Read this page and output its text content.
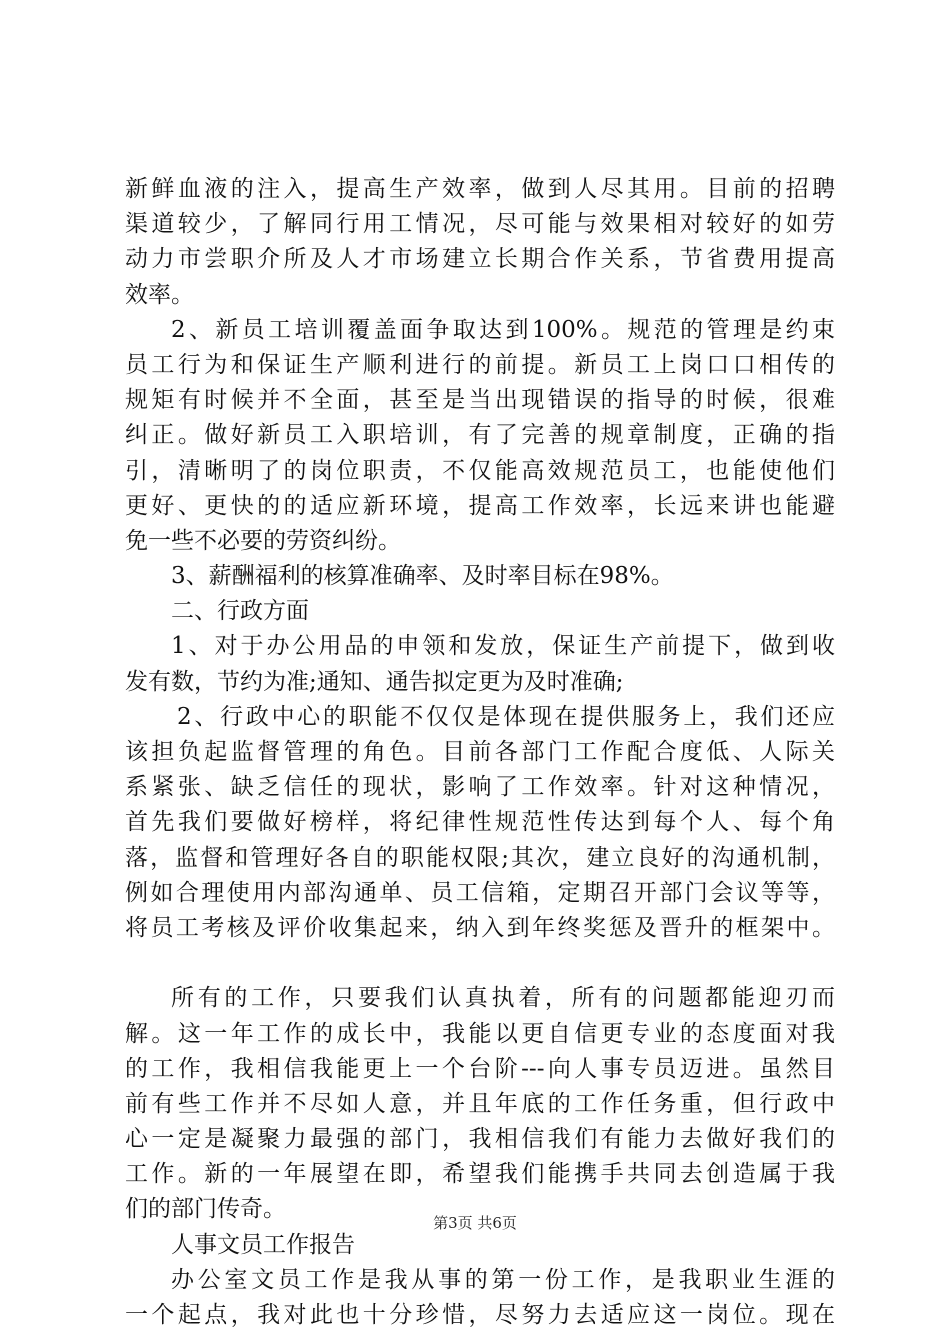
新鲜血液的注入，提高生产效率，做到人尽其用。目前的招聘
渠道较少，了解同行用工情况，尽可能与效果相对较好的如劳
动力市尝职介所及人才市场建立长期合作关系，节省费用提高
效率。
2、新员工培训覆盖面争取达到100%。规范的管理是约束
员工行为和保证生产顺利进行的前提。新员工上岗口口相传的
规矩有时候并不全面，甚至是当出现错误的指导的时候，很难
纠正。做好新员工入职培训，有了完善的规章制度，正确的指
引，清晰明了的岗位职责，不仅能高效规范员工，也能使他们
更好、更快的的适应新环境，提高工作效率，长远来讲也能避
免一些不必要的劳资纠纷。
3、薪酬福利的核算准确率、及时率目标在98%。
二、行政方面
1、对于办公用品的申领和发放，保证生产前提下，做到收
发有数，节约为准;通知、通告拟定更为及时准确;
2、行政中心的职能不仅仅是体现在提供服务上，我们还应
该担负起监督管理的角色。目前各部门工作配合度低、人际关
系紧张、缺乏信任的现状，影响了工作效率。针对这种情况，
首先我们要做好榜样，将纪律性规范性传达到每个人、每个角
落，监督和管理好各自的职能权限;其次，建立良好的沟通机制，
例如合理使用内部沟通单、员工信箱，定期召开部门会议等等，
将员工考核及评价收集起来，纳入到年终奖惩及晋升的框架中。
所有的工作，只要我们认真执着，所有的问题都能迎刃而
解。这一年工作的成长中，我能以更自信更专业的态度面对我
的工作，我相信我能更上一个台阶---向人事专员迈进。虽然目
前有些工作并不尽如人意，并且年底的工作任务重，但行政中
心一定是凝聚力最强的部门，我相信我们有能力去做好我们的
工作。新的一年展望在即，希望我们能携手共同去创造属于我
们的部门传奇。
人事文员工作报告
办公室文员工作是我从事的第一份工作，是我职业生涯的
一个起点，我对此也十分珍惜，尽努力去适应这一岗位。现在
第3页 共6页
